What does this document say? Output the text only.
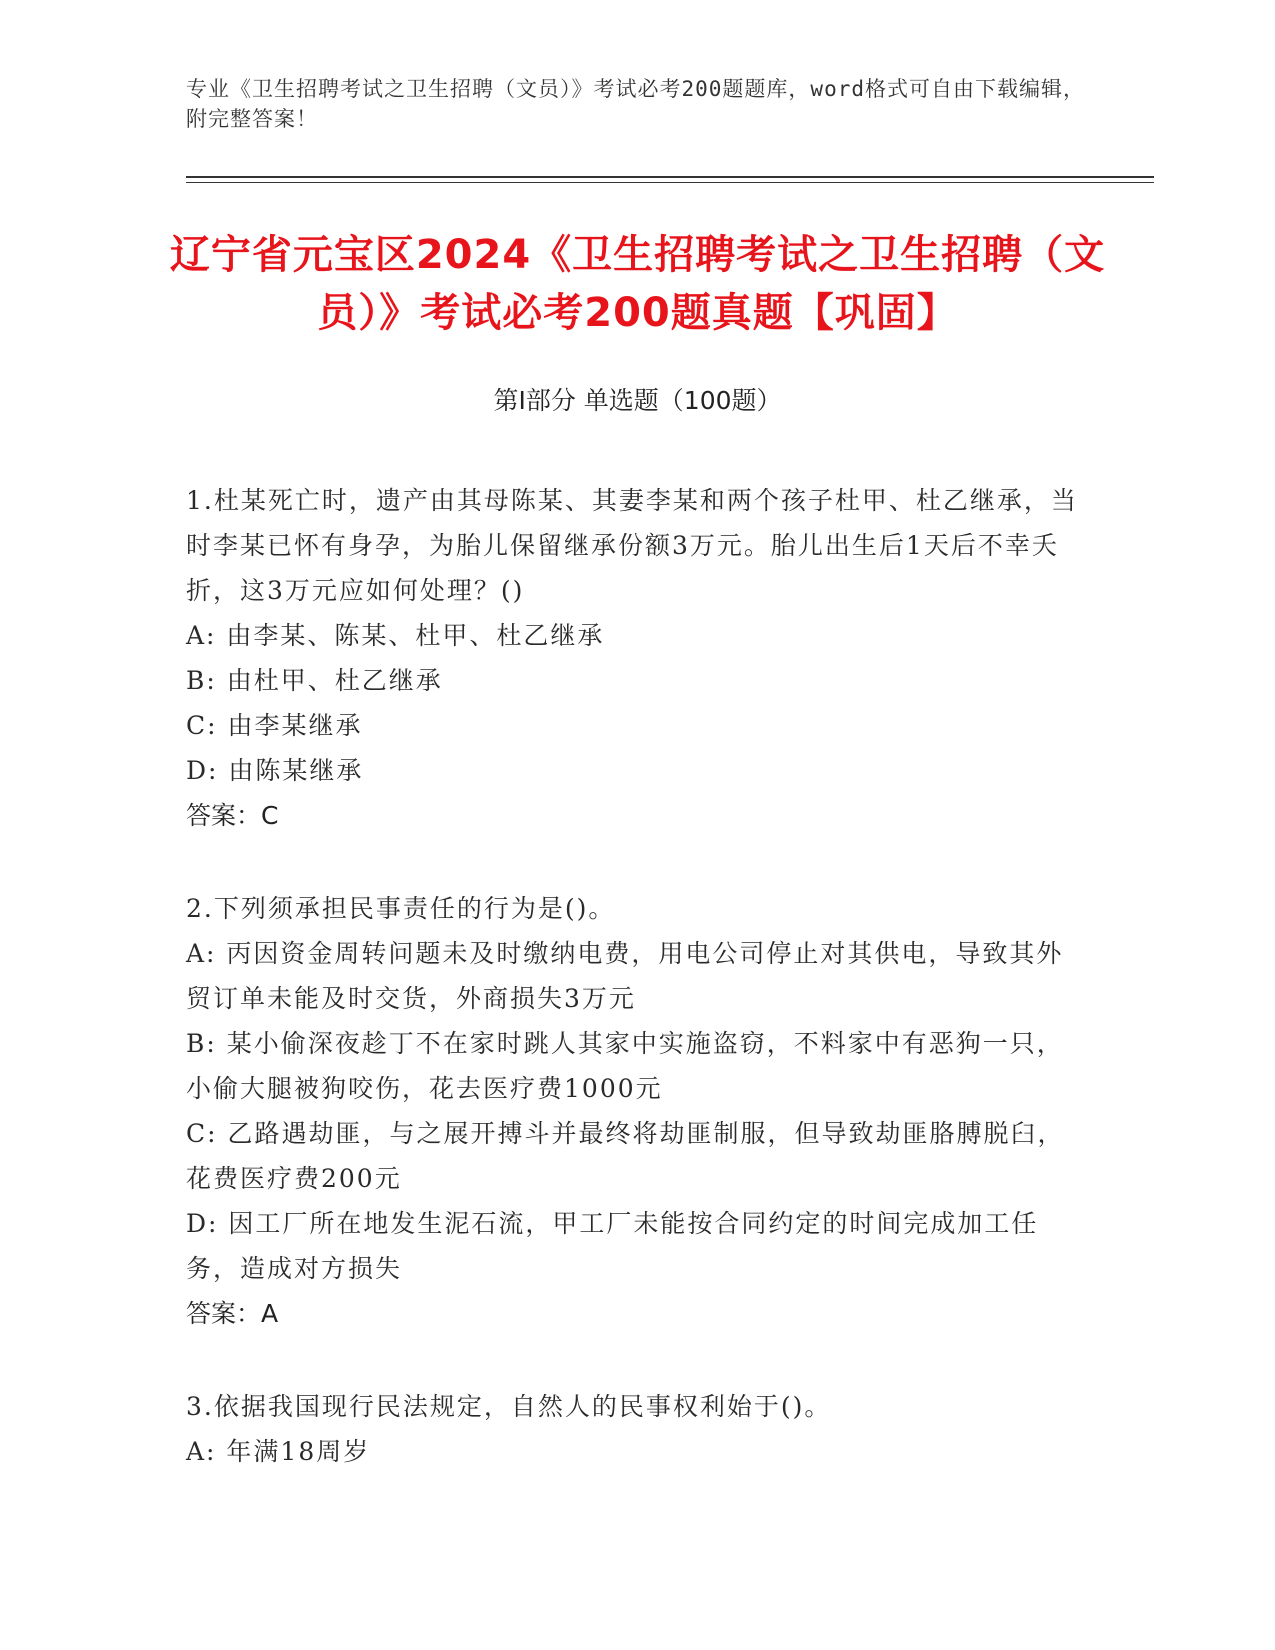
专业《卫生招聘考试之卫生招聘（文员）》考试必考200题题库，word格式可自由下载编辑，附完整答案！
辽宁省元宝区2024《卫生招聘考试之卫生招聘（文员）》考试必考200题真题【巩固】
第I部分 单选题（100题）
1.杜某死亡时，遗产由其母陈某、其妻李某和两个孩子杜甲、杜乙继承，当时李某已怀有身孕，为胎儿保留继承份额3万元。胎儿出生后1天后不幸夭折，这3万元应如何处理？()
A: 由李某、陈某、杜甲、杜乙继承
B: 由杜甲、杜乙继承
C: 由李某继承
D: 由陈某继承
答案：C
2.下列须承担民事责任的行为是()。
A: 丙因资金周转问题未及时缴纳电费，用电公司停止对其供电，导致其外贸订单未能及时交货，外商损失3万元
B: 某小偷深夜趁丁不在家时跳人其家中实施盗窃，不料家中有恶狗一只，小偷大腿被狗咬伤，花去医疗费1000元
C: 乙路遇劫匪，与之展开搏斗并最终将劫匪制服，但导致劫匪胳膊脱臼，花费医疗费200元
D: 因工厂所在地发生泥石流，甲工厂未能按合同约定的时间完成加工任务，造成对方损失
答案：A
3.依据我国现行民法规定，自然人的民事权利始于()。
A: 年满18周岁
